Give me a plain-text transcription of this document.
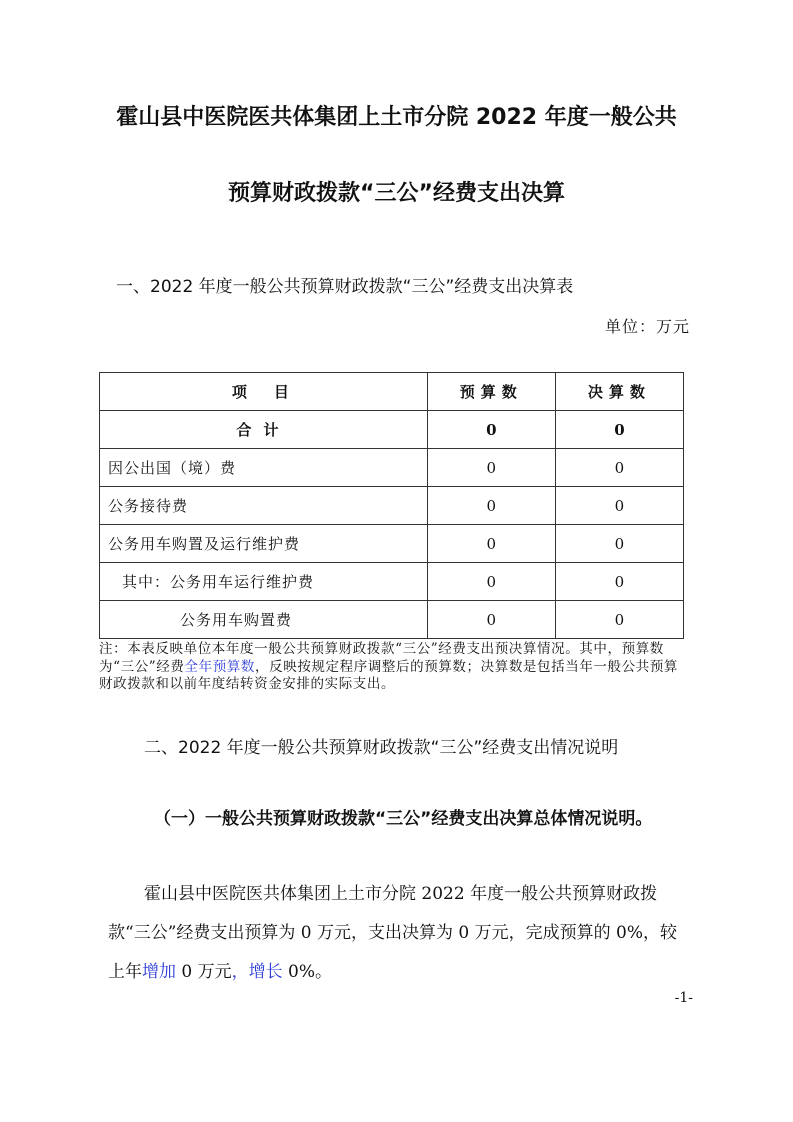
霍山县中医院医共体集团上土市分院 2022 年度一般公共
预算财政拨款“三公”经费支出决算
一、2022 年度一般公共预算财政拨款“三公”经费支出决算表
单位：万元
项　目	预算数	决算数
合计	0	0
因公出国（境）费	0	0
公务接待费	0	0
公务用车购置及运行维护费	0	0
其中：公务用车运行维护费	0	0
公务用车购置费	0	0
注：本表反映单位本年度一般公共预算财政拨款“三公”经费支出预决算情况。其中，预算数为“三公”经费全年预算数，反映按规定程序调整后的预算数；决算数是包括当年一般公共预算财政拨款和以前年度结转资金安排的实际支出。
二、2022 年度一般公共预算财政拨款“三公”经费支出情况说明
（一）一般公共预算财政拨款“三公”经费支出决算总体情况说明。
霍山县中医院医共体集团上土市分院 2022 年度一般公共预算财政拨款“三公”经费支出预算为 0 万元，支出决算为 0 万元，完成预算的 0%，较上年增加 0 万元，增长 0%。
-1-
